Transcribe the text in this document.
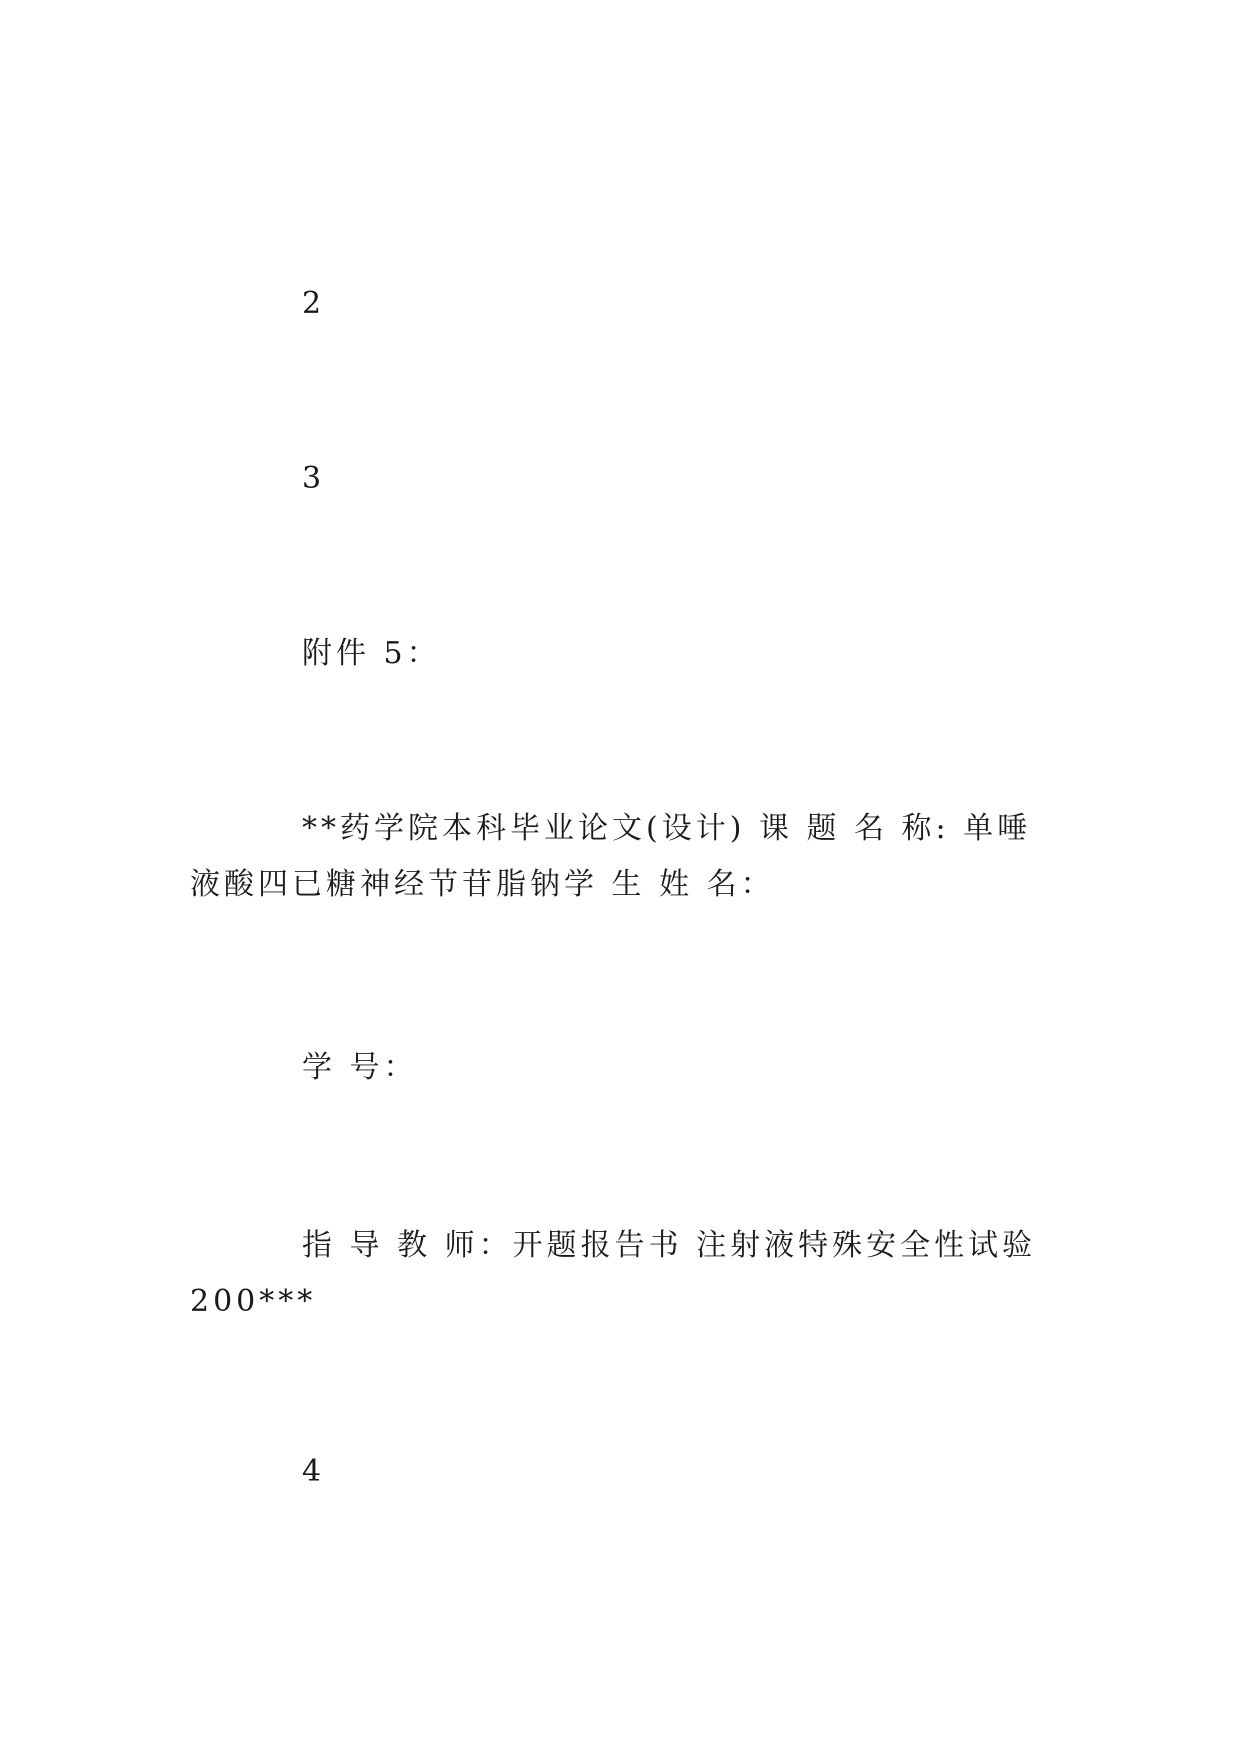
2
3
附件 5：
**药学院本科毕业论文(设计) 课 题 名 称: 单唾液酸四已糖神经节苷脂钠学 生 姓 名：
学 号：
指 导 教 师：开题报告书 注射液特殊安全性试验 200***
4
